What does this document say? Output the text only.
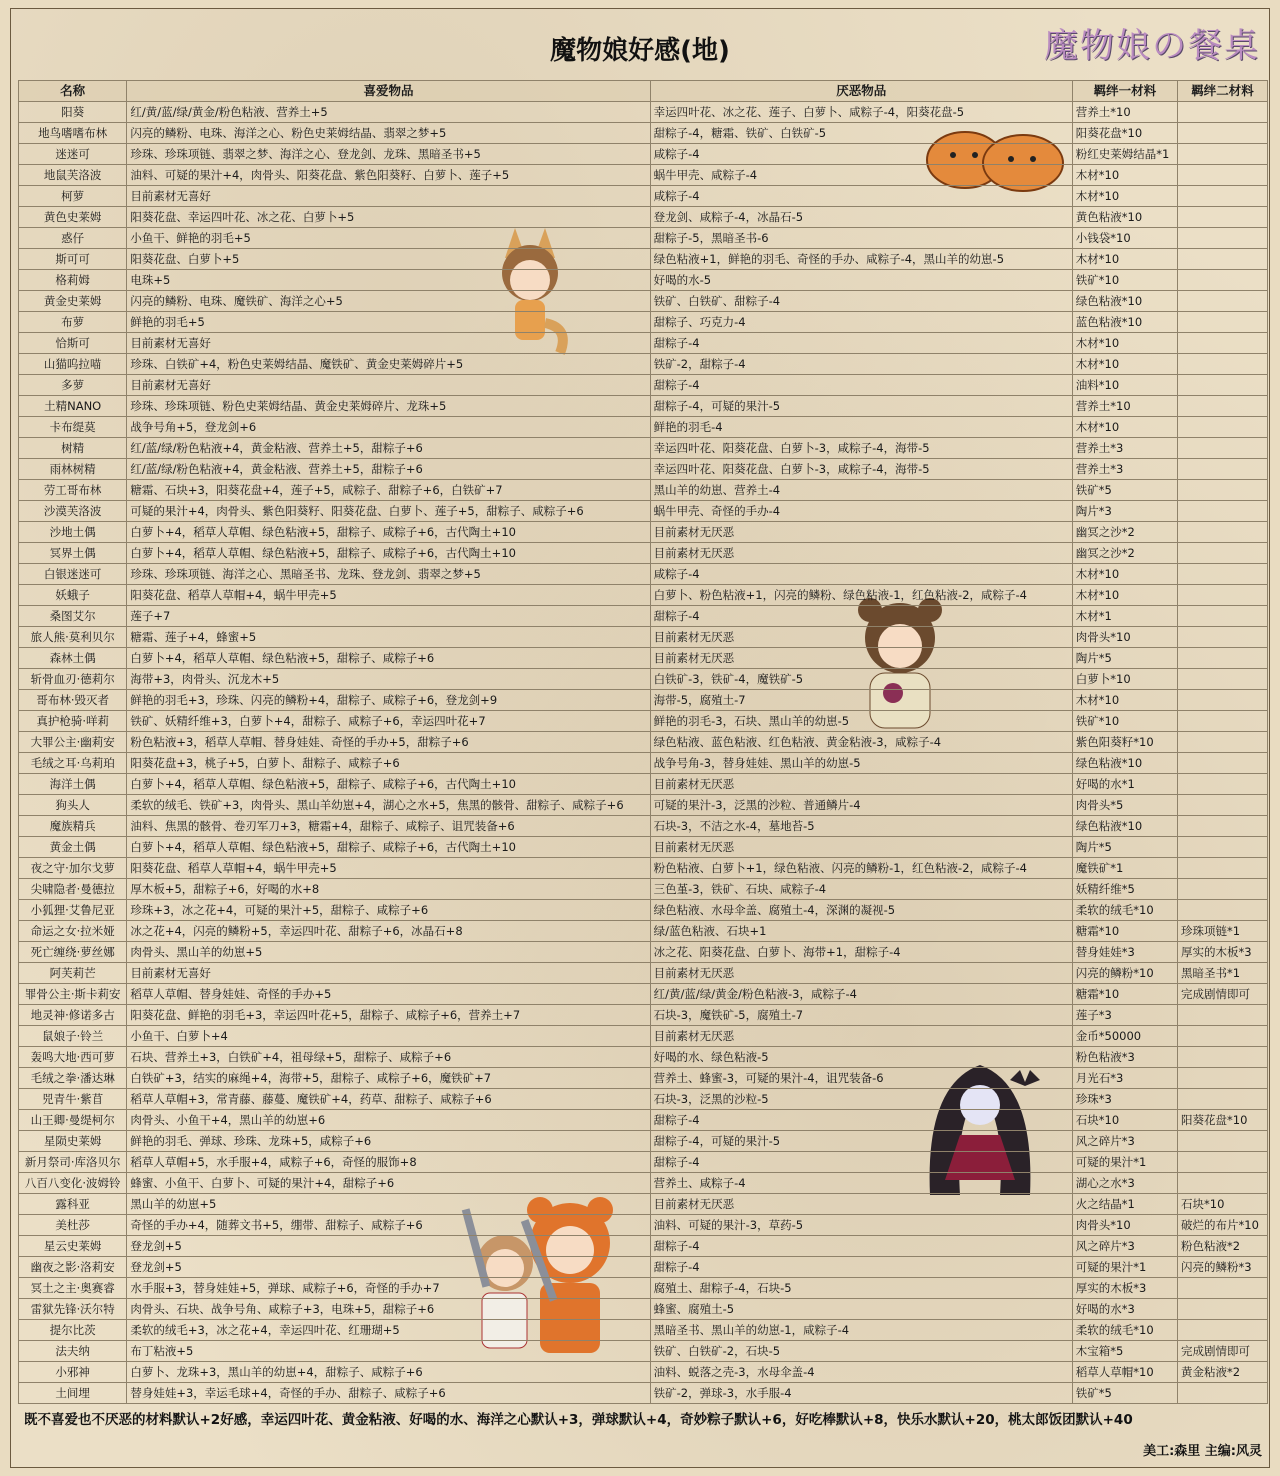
魔物娘好感(地)	魔物娘の餐桌
名称	喜爱物品	厌恶物品	羁绊一材料	羁绊二材料
阳葵	红/黄/蓝/绿/黄金/粉色粘液、营养土+5	幸运四叶花、冰之花、莲子、白萝卜、咸粽子-4，阳葵花盘-5	营养土*10	
地鸟嗜嗜布林	闪亮的鳞粉、电珠、海洋之心、粉色史莱姆结晶、翡翠之梦+5	甜粽子-4，糖霜、铁矿、白铁矿-5	阳葵花盘*10	
迷迷可	珍珠、珍珠项链、翡翠之梦、海洋之心、登龙剑、龙珠、黑暗圣书+5	咸粽子-4	粉红史莱姆结晶*1	
地鼠芙洛波	油料、可疑的果汁+4，肉骨头、阳葵花盘、紫色阳葵籽、白萝卜、莲子+5	蜗牛甲壳、咸粽子-4	木材*10	
柯萝	目前素材无喜好	咸粽子-4	木材*10	
黄色史莱姆	阳葵花盘、幸运四叶花、冰之花、白萝卜+5	登龙剑、咸粽子-4，冰晶石-5	黄色粘液*10	
惑仔	小鱼干、鲜艳的羽毛+5	甜粽子-5，黑暗圣书-6	小钱袋*10	
斯可可	阳葵花盘、白萝卜+5	绿色粘液+1，鲜艳的羽毛、奇怪的手办、咸粽子-4，黑山羊的幼崽-5	木材*10	
格莉姆	电珠+5	好喝的水-5	铁矿*10	
黄金史莱姆	闪亮的鳞粉、电珠、魔铁矿、海洋之心+5	铁矿、白铁矿、甜粽子-4	绿色粘液*10	
布萝	鲜艳的羽毛+5	甜粽子、巧克力-4	蓝色粘液*10	
恰斯可	目前素材无喜好	甜粽子-4	木材*10	
山猫呜拉喵	珍珠、白铁矿+4，粉色史莱姆结晶、魔铁矿、黄金史莱姆碎片+5	铁矿-2，甜粽子-4	木材*10	
多萝	目前素材无喜好	甜粽子-4	油料*10	
土精NANO	珍珠、珍珠项链、粉色史莱姆结晶、黄金史莱姆碎片、龙珠+5	甜粽子-4，可疑的果汁-5	营养土*10	
卡布缇莫	战争号角+5，登龙剑+6	鲜艳的羽毛-4	木材*10	
树精	红/蓝/绿/粉色粘液+4，黄金粘液、营养土+5，甜粽子+6	幸运四叶花、阳葵花盘、白萝卜-3，咸粽子-4，海带-5	营养土*3	
雨林树精	红/蓝/绿/粉色粘液+4，黄金粘液、营养土+5，甜粽子+6	幸运四叶花、阳葵花盘、白萝卜-3，咸粽子-4，海带-5	营养土*3	
劳工哥布林	糖霜、石块+3，阳葵花盘+4，莲子+5，咸粽子、甜粽子+6，白铁矿+7	黑山羊的幼崽、营养土-4	铁矿*5	
沙漠芙洛波	可疑的果汁+4，肉骨头、紫色阳葵籽、阳葵花盘、白萝卜、莲子+5，甜粽子、咸粽子+6	蜗牛甲壳、奇怪的手办-4	陶片*3	
沙地土偶	白萝卜+4，稻草人草帽、绿色粘液+5，甜粽子、咸粽子+6，古代陶土+10	目前素材无厌恶	幽冥之沙*2	
冥界土偶	白萝卜+4，稻草人草帽、绿色粘液+5，甜粽子、咸粽子+6，古代陶土+10	目前素材无厌恶	幽冥之沙*2	
白银迷迷可	珍珠、珍珠项链、海洋之心、黑暗圣书、龙珠、登龙剑、翡翠之梦+5	咸粽子-4	木材*10	
妖蛾子	阳葵花盘、稻草人草帽+4，蜗牛甲壳+5	白萝卜、粉色粘液+1，闪亮的鳞粉、绿色粘液-1，红色粘液-2，咸粽子-4	木材*10	
桑图艾尔	莲子+7	甜粽子-4	木材*1	
旅人熊·莫利贝尔	糖霜、莲子+4，蜂蜜+5	目前素材无厌恶	肉骨头*10	
森林土偶	白萝卜+4，稻草人草帽、绿色粘液+5，甜粽子、咸粽子+6	目前素材无厌恶	陶片*5	
斩骨血刃·德莉尔	海带+3，肉骨头、沉龙木+5	白铁矿-3，铁矿-4，魔铁矿-5	白萝卜*10	
哥布林·毁灭者	鲜艳的羽毛+3，珍珠、闪亮的鳞粉+4，甜粽子、咸粽子+6，登龙剑+9	海带-5，腐殖土-7	木材*10	
真护枪骑·咩莉	铁矿、妖精纤维+3，白萝卜+4，甜粽子、咸粽子+6，幸运四叶花+7	鲜艳的羽毛-3，石块、黑山羊的幼崽-5	铁矿*10	
大罪公主·幽莉安	粉色粘液+3，稻草人草帽、替身娃娃、奇怪的手办+5，甜粽子+6	绿色粘液、蓝色粘液、红色粘液、黄金粘液-3，咸粽子-4	紫色阳葵籽*10	
毛绒之耳·乌莉珀	阳葵花盘+3，桃子+5，白萝卜、甜粽子、咸粽子+6	战争号角-3，替身娃娃、黑山羊的幼崽-5	绿色粘液*10	
海洋土偶	白萝卜+4，稻草人草帽、绿色粘液+5，甜粽子、咸粽子+6，古代陶土+10	目前素材无厌恶	好喝的水*1	
狗头人	柔软的绒毛、铁矿+3，肉骨头、黑山羊幼崽+4，湖心之水+5，焦黑的骸骨、甜粽子、咸粽子+6	可疑的果汁-3，泛黑的沙粒、普通鳞片-4	肉骨头*5	
魔族精兵	油料、焦黑的骸骨、卷刃军刀+3，糖霜+4，甜粽子、咸粽子、诅咒装备+6	石块-3，不洁之水-4，墓地苔-5	绿色粘液*10	
黄金土偶	白萝卜+4，稻草人草帽、绿色粘液+5，甜粽子、咸粽子+6，古代陶土+10	目前素材无厌恶	陶片*5	
夜之守·加尔戈萝	阳葵花盘、稻草人草帽+4，蜗牛甲壳+5	粉色粘液、白萝卜+1，绿色粘液、闪亮的鳞粉-1，红色粘液-2，咸粽子-4	魔铁矿*1	
尖啸隐者·曼德拉	厚木板+5，甜粽子+6，好喝的水+8	三色堇-3，铁矿、石块、咸粽子-4	妖精纤维*5	
小狐狸·艾鲁尼亚	珍珠+3，冰之花+4，可疑的果汁+5，甜粽子、咸粽子+6	绿色粘液、水母伞盖、腐殖土-4，深渊的凝视-5	柔软的绒毛*10	
命运之女·拉米娅	冰之花+4，闪亮的鳞粉+5，幸运四叶花、甜粽子+6，冰晶石+8	绿/蓝色粘液、石块+1	糖霜*10	珍珠项链*1
死亡缠绕·萝丝娜	肉骨头、黑山羊的幼崽+5	冰之花、阳葵花盘、白萝卜、海带+1，甜粽子-4	替身娃娃*3	厚实的木板*3
阿芙莉芒	目前素材无喜好	目前素材无厌恶	闪亮的鳞粉*10	黑暗圣书*1
罪骨公主·斯卡莉安	稻草人草帽、替身娃娃、奇怪的手办+5	红/黄/蓝/绿/黄金/粉色粘液-3，咸粽子-4	糖霜*10	完成剧情即可
地灵神·修诺多古	阳葵花盘、鲜艳的羽毛+3，幸运四叶花+5，甜粽子、咸粽子+6，营养土+7	石块-3，魔铁矿-5，腐殖土-7	莲子*3	
鼠娘子·铃兰	小鱼干、白萝卜+4	目前素材无厌恶	金币*50000	
轰鸣大地·西可萝	石块、营养土+3，白铁矿+4，祖母绿+5，甜粽子、咸粽子+6	好喝的水、绿色粘液-5	粉色粘液*3	
毛绒之拳·潘达琳	白铁矿+3，结实的麻绳+4，海带+5，甜粽子、咸粽子+6，魔铁矿+7	营养土、蜂蜜-3，可疑的果汁-4，诅咒装备-6	月光石*3	
兕青牛·紫苜	稻草人草帽+3，常青藤、藤蔓、魔铁矿+4，药草、甜粽子、咸粽子+6	石块-3，泛黑的沙粒-5	珍珠*3	
山王卿·曼缇柯尔	肉骨头、小鱼干+4，黑山羊的幼崽+6	甜粽子-4	石块*10	阳葵花盘*10
星陨史莱姆	鲜艳的羽毛、弹球、珍珠、龙珠+5，咸粽子+6	甜粽子-4，可疑的果汁-5	风之碎片*3	
新月祭司·库洛贝尔	稻草人草帽+5，水手服+4，咸粽子+6，奇怪的服饰+8	甜粽子-4	可疑的果汁*1	
八百八变化·波姆铃	蜂蜜、小鱼干、白萝卜、可疑的果汁+4，甜粽子+6	营养土、咸粽子-4	湖心之水*3	
露科亚	黑山羊的幼崽+5	目前素材无厌恶	火之结晶*1	石块*10
美杜莎	奇怪的手办+4，随葬文书+5，绷带、甜粽子、咸粽子+6	油料、可疑的果汁-3，草药-5	肉骨头*10	破烂的布片*10
星云史莱姆	登龙剑+5	甜粽子-4	风之碎片*3	粉色粘液*2
幽夜之影·洛莉安	登龙剑+5	甜粽子-4	可疑的果汁*1	闪亮的鳞粉*3
冥土之主·奥赛睿	水手服+3，替身娃娃+5，弹球、咸粽子+6，奇怪的手办+7	腐殖土、甜粽子-4，石块-5	厚实的木板*3	
雷狱先锋·沃尔特	肉骨头、石块、战争号角、咸粽子+3，电珠+5，甜粽子+6	蜂蜜、腐殖土-5	好喝的水*3	
提尔比茨	柔软的绒毛+3，冰之花+4，幸运四叶花、红珊瑚+5	黑暗圣书、黑山羊的幼崽-1，咸粽子-4	柔软的绒毛*10	
法夫纳	布丁粘液+5	铁矿、白铁矿-2，石块-5	木宝箱*5	完成剧情即可
小邪神	白萝卜、龙珠+3，黑山羊的幼崽+4，甜粽子、咸粽子+6	油料、蜕落之壳-3，水母伞盖-4	稻草人草帽*10	黄金粘液*2
土间埋	替身娃娃+3，幸运毛球+4，奇怪的手办、甜粽子、咸粽子+6	铁矿-2，弹球-3，水手服-4	铁矿*5	
既不喜爱也不厌恶的材料默认+2好感，幸运四叶花、黄金粘液、好喝的水、海洋之心默认+3，弹球默认+4，奇妙粽子默认+6，好吃棒默认+8，快乐水默认+20，桃太郎饭团默认+40
美工:森里 主编:风灵
